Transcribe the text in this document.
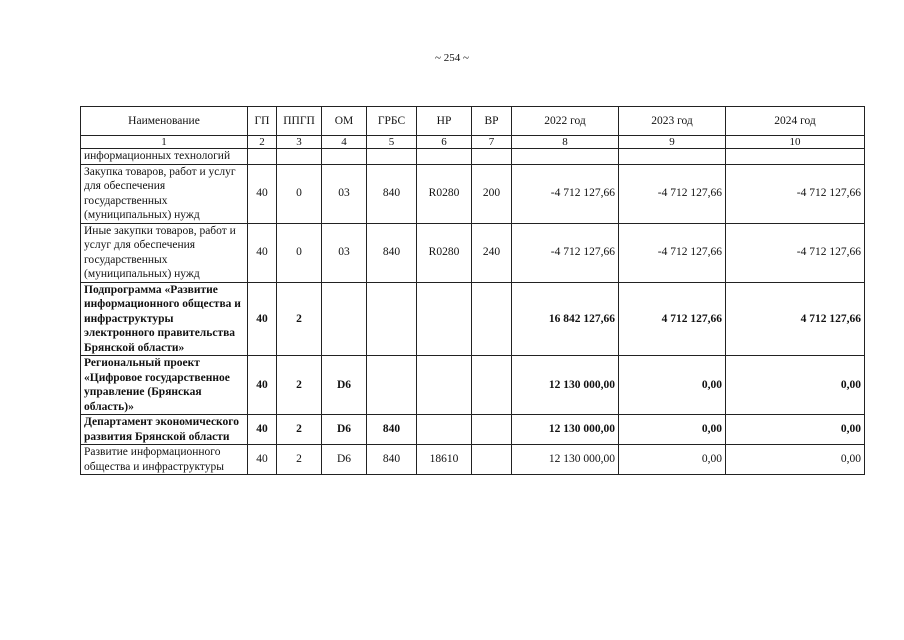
~ 254 ~
Наименование	ГП	ППГП	ОМ	ГРБС	НР	ВР	2022 год	2023 год	2024 год
1	2	3	4	5	6	7	8	9	10
информационных технологий									
Закупка товаров, работ и услуг для обеспечения государственных (муниципальных) нужд	40	0	03	840	R0280	200	-4 712 127,66	-4 712 127,66	-4 712 127,66
Иные закупки товаров, работ и услуг для обеспечения государственных (муниципальных) нужд	40	0	03	840	R0280	240	-4 712 127,66	-4 712 127,66	-4 712 127,66
Подпрограмма «Развитие информационного общества и инфраструктуры электронного правительства Брянской области»	40	2					16 842 127,66	4 712 127,66	4 712 127,66
Региональный проект «Цифровое государственное управление (Брянская область)»	40	2	D6				12 130 000,00	0,00	0,00
Департамент экономического развития Брянской области	40	2	D6	840			12 130 000,00	0,00	0,00
Развитие информационного общества и инфраструктуры	40	2	D6	840	18610		12 130 000,00	0,00	0,00
